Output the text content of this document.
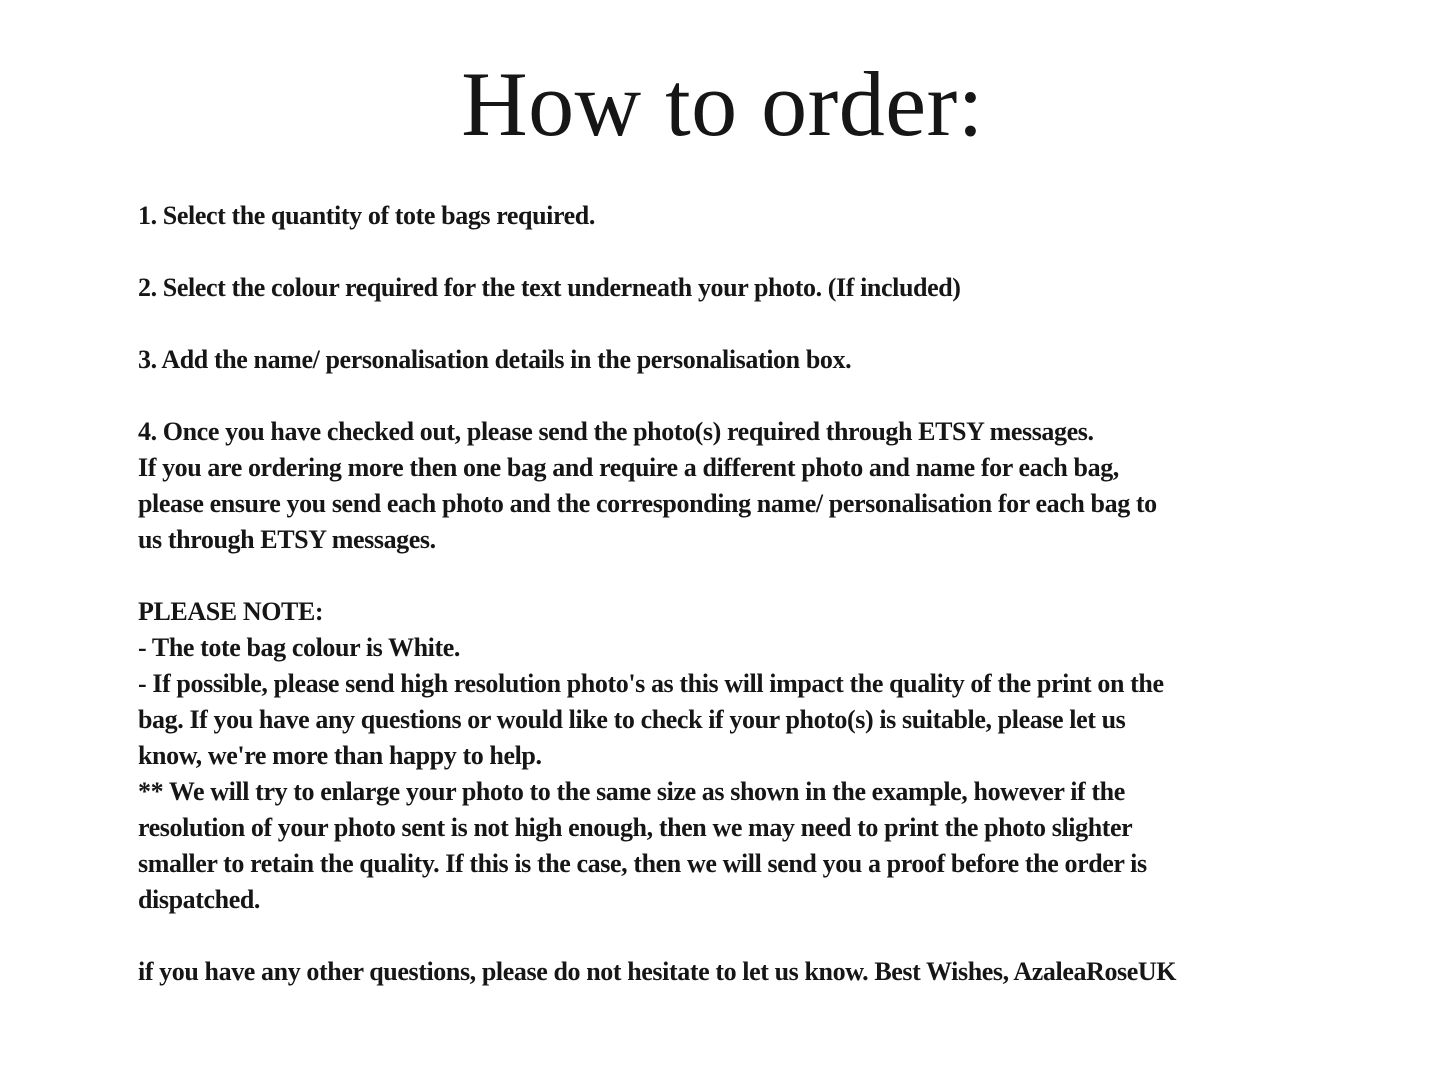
How to order:
1. Select the quantity of tote bags required.
2. Select the colour required for the text underneath your photo. (If included)
3. Add the name/ personalisation details in the personalisation box.
4. Once you have checked out, please send the photo(s) required through ETSY messages.
If you are ordering more then one bag and require a different photo and name for each bag,
please ensure you send each photo and the corresponding name/ personalisation for each bag to
us through ETSY messages.
PLEASE NOTE:
- The tote bag colour is White.
- If possible, please send high resolution photo's as this will impact the quality of the print on the
bag. If you have any questions or would like to check if your photo(s) is suitable, please let us
know, we're more than happy to help.
** We will try to enlarge your photo to the same size as shown in the example, however if the
resolution of your photo sent is not high enough, then we may need to print the photo slighter
smaller to retain the quality. If this is the case, then we will send you a proof before the order is
dispatched.
if you have any other questions, please do not hesitate to let us know. Best Wishes, AzaleaRoseUK
